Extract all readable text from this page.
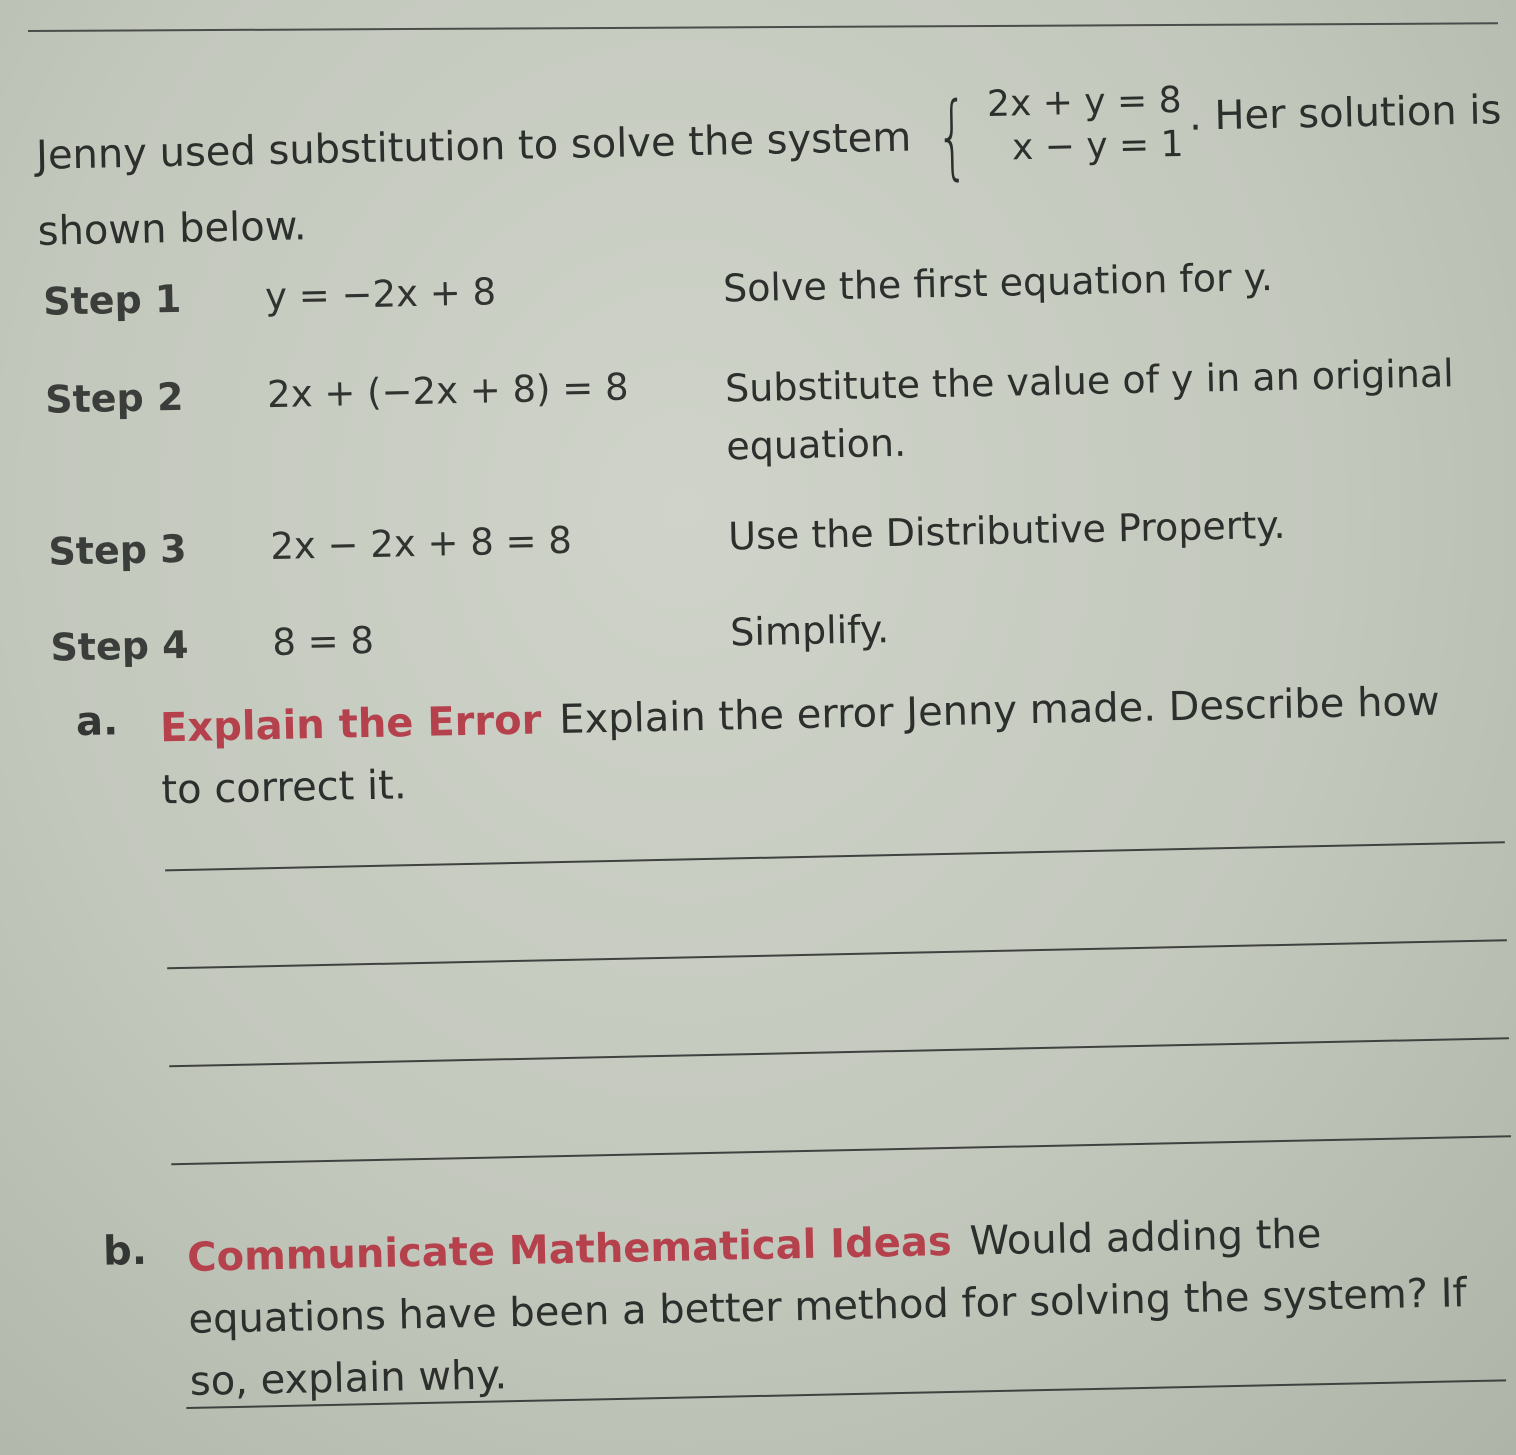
Jenny used substitution to solve the system { 2x + y = 8
x − y = 1
. Her solution is
shown below.
Step 1 y = −2x + 8	Solve the first equation for y.
Step 2 2x + (−2x + 8) = 8	Substitute the value of y in an original equation.
Step 3 2x − 2x + 8 = 8	Use the Distributive Property.
Step 4 8 = 8	Simplify.
a. Explain the Error Explain the error Jenny made. Describe how to correct it.
b. Communicate Mathematical Ideas Would adding the equations have been a better method for solving the system? If so, explain why.
